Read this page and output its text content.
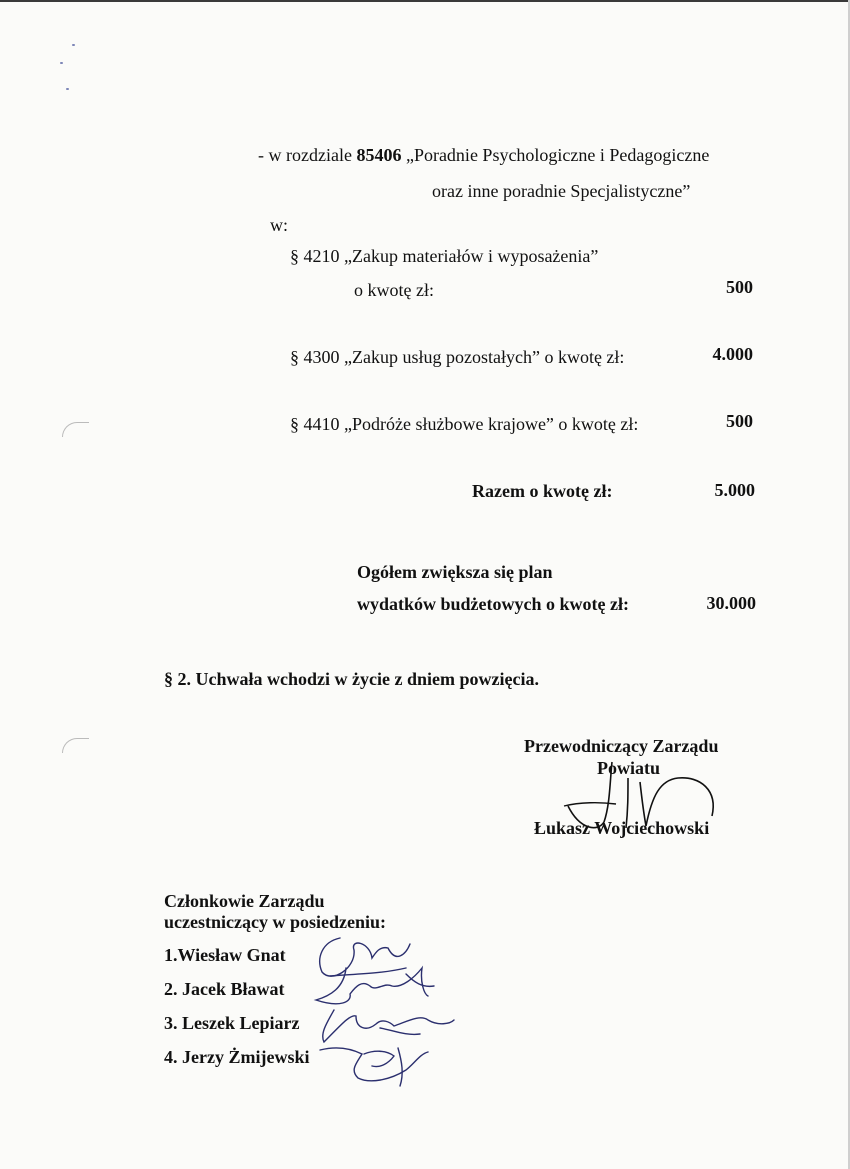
- w rozdziale 85406 „Poradnie Psychologiczne i Pedagogiczne
oraz inne poradnie Specjalistyczne”
w:
§ 4210 „Zakup materiałów i wyposażenia”
o kwotę zł:	500
§ 4300 „Zakup usług pozostałych” o kwotę zł:	4.000
§ 4410 „Podróże służbowe krajowe” o kwotę zł:	500
Razem o kwotę zł:	5.000
Ogółem zwiększa się plan
wydatków budżetowych o kwotę zł:	30.000
§ 2. Uchwała wchodzi w życie z dniem powzięcia.
Przewodniczący Zarządu
Powiatu
Łukasz Wojciechowski
Członkowie Zarządu
uczestniczący w posiedzeniu:
1.Wiesław Gnat
2. Jacek Bławat
3. Leszek Lepiarz
4. Jerzy Żmijewski
